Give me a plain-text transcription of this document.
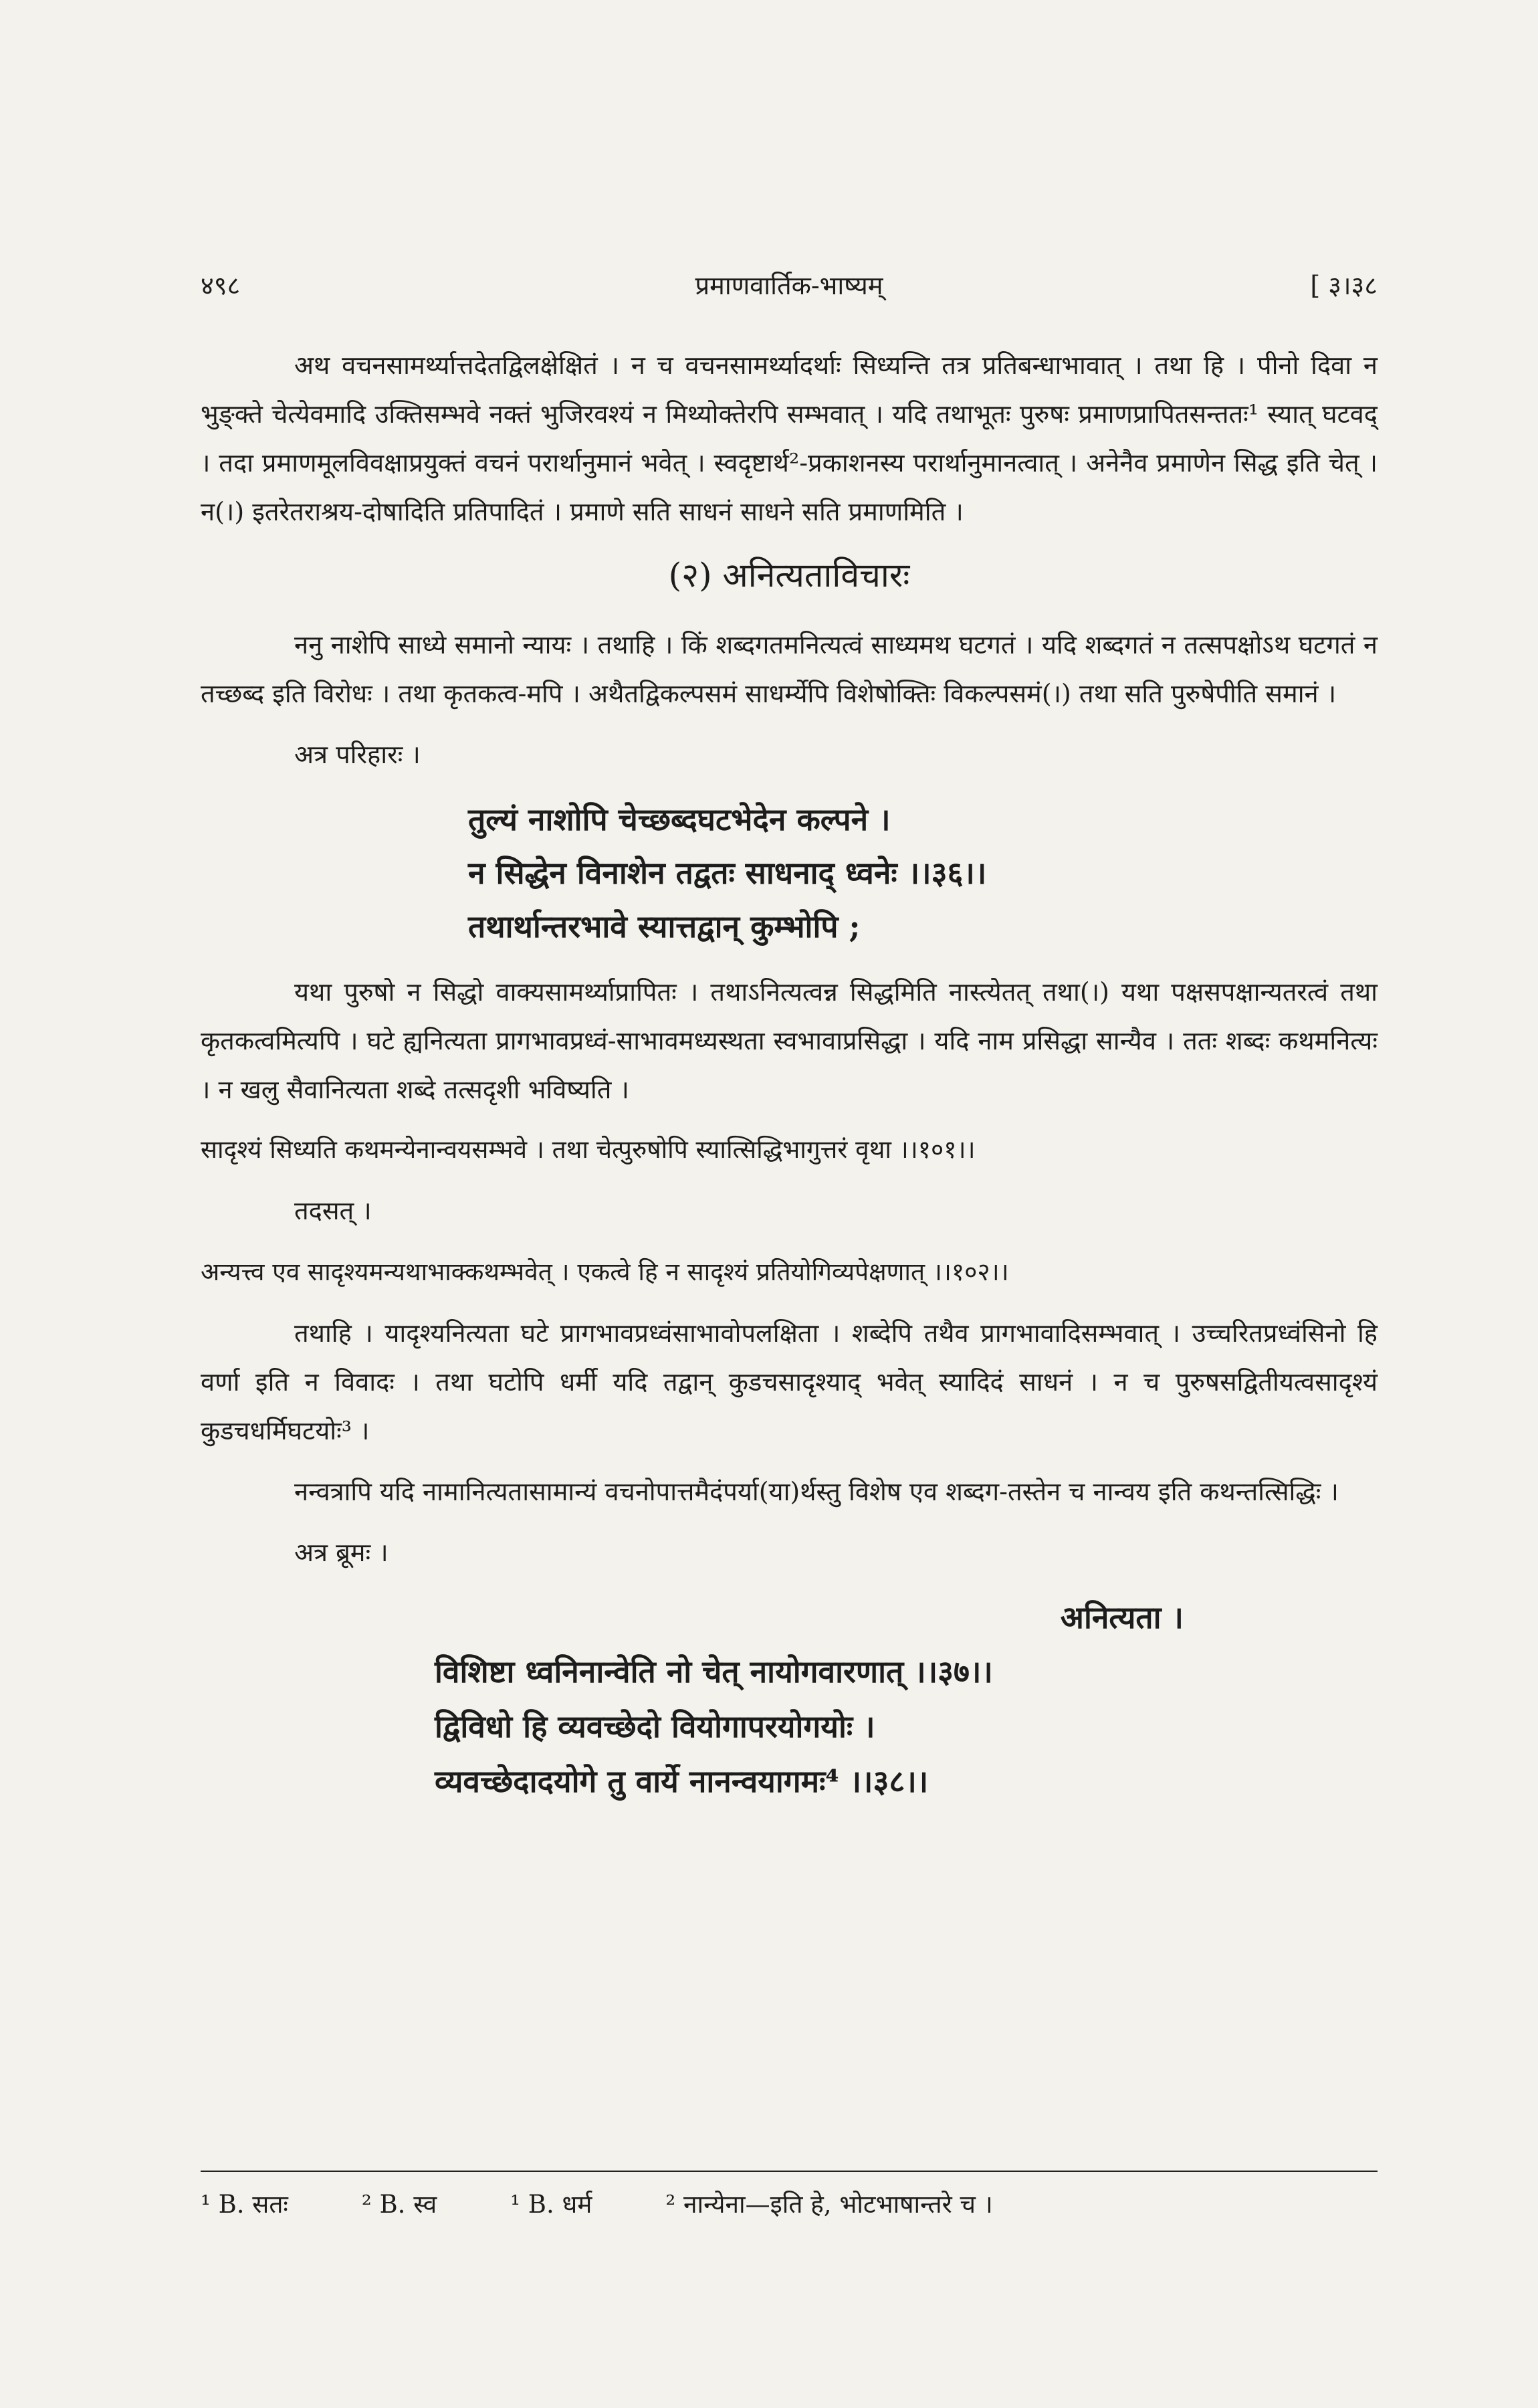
४९८	प्रमाणवार्तिक-भाष्यम्	[ ३।३८

अथ वचनसामर्थ्यात्तदेतद्विलक्षेक्षितं । न च वचनसामर्थ्यादर्थाः सिध्यन्ति तत्र प्रतिबन्धाभावात् । तथा हि । पीनो दिवा न भुङ्क्ते चेत्येवमादि उक्तिसम्भवे नक्तं भुजिरवश्यं न मिथ्योक्तेरपि सम्भवात् । यदि तथाभूतः पुरुषः प्रमाणप्रापितसन्ततः¹ स्यात् घटवद् । तदा प्रमाणमूलविवक्षाप्रयुक्तं वचनं परार्थानुमानं भवेत् । स्वदृष्टार्थ²-प्रकाशनस्य परार्थानुमानत्वात् । अनेनैव प्रमाणेन सिद्ध इति चेत् । न(।) इतरेतराश्रय-दोषादिति प्रतिपादितं । प्रमाणे सति साधनं साधने सति प्रमाणमिति ।

(२) अनित्यताविचारः

ननु नाशेपि साध्ये समानो न्यायः । तथाहि । किं शब्दगतमनित्यत्वं साध्यमथ घटगतं । यदि शब्दगतं न तत्सपक्षोऽथ घटगतं न तच्छब्द इति विरोधः । तथा कृतकत्व-मपि । अथैतद्विकल्पसमं साधर्म्येपि विशेषोक्तिः विकल्पसमं(।) तथा सति पुरुषेपीति समानं ।

अत्र परिहारः ।

तुल्यं नाशोपि चेच्छब्दघटभेदेन कल्पने ।
न सिद्धेन विनाशेन तद्वतः साधनाद् ध्वनेः ।।३६।।
तथार्थान्तरभावे स्यात्तद्वान् कुम्भोपि ;

यथा पुरुषो न सिद्धो वाक्यसामर्थ्याप्रापितः । तथाऽनित्यत्वन्न सिद्धमिति नास्त्येतत् तथा(।) यथा पक्षसपक्षान्यतरत्वं तथा कृतकत्वमित्यपि । घटे ह्यनित्यता प्रागभावप्रध्वं-साभावमध्यस्थता स्वभावाप्रसिद्धा । यदि नाम प्रसिद्धा सान्यैव । ततः शब्दः कथमनित्यः । न खलु सैवानित्यता शब्दे तत्सदृशी भविष्यति ।

सादृश्यं सिध्यति कथमन्येनान्वयसम्भवे । तथा चेत्पुरुषोपि स्यात्सिद्धिभागुत्तरं वृथा ।।१०१।।

तदसत् ।

अन्यत्त्व एव सादृश्यमन्यथाभाक्कथम्भवेत् । एकत्वे हि न सादृश्यं प्रतियोगिव्यपेक्षणात् ।।१०२।।

तथाहि । यादृश्यनित्यता घटे प्रागभावप्रध्वंसाभावोपलक्षिता । शब्देपि तथैव प्रागभावादिसम्भवात् । उच्चरितप्रध्वंसिनो हि वर्णा इति न विवादः । तथा घटोपि धर्मी यदि तद्वान् कुडचसादृश्याद् भवेत् स्यादिदं साधनं । न च पुरुषसद्वितीयत्वसादृश्यं कुडचधर्मिघटयोः³ ।

नन्वत्रापि यदि नामानित्यतासामान्यं वचनोपात्तमैदंपर्या(या)र्थस्तु विशेष एव शब्दग-तस्तेन च नान्वय इति कथन्तत्सिद्धिः ।

अत्र ब्रूमः ।

अनित्यता ।
विशिष्टा ध्वनिनान्वेति नो चेत् नायोगवारणात् ।।३७।।
द्विविधो हि व्यवच्छेदो वियोगापरयोगयोः ।
व्यवच्छेदादयोगे तु वार्ये नानन्वयागमः⁴ ।।३८।।
¹ B. सतः	² B. स्व	¹ B. धर्म	² नान्येना—इति हे, भोटभाषान्तरे च ।
